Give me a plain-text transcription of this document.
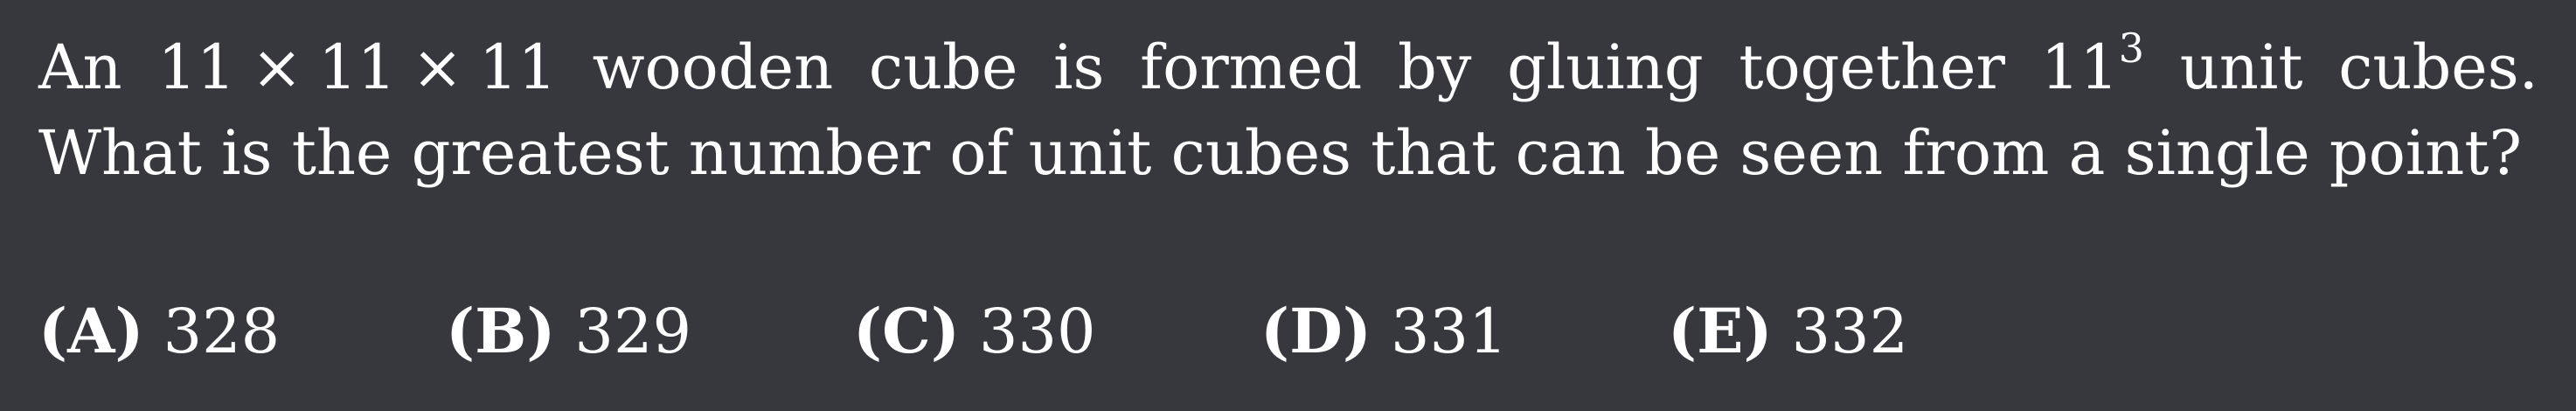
An 11 × 11 × 11 wooden cube is formed by gluing together $11^3$ unit cubes.
What is the greatest number of unit cubes that can be seen from a single point?
(A) 328	(B) 329	(C) 330	(D) 331	(E) 332
